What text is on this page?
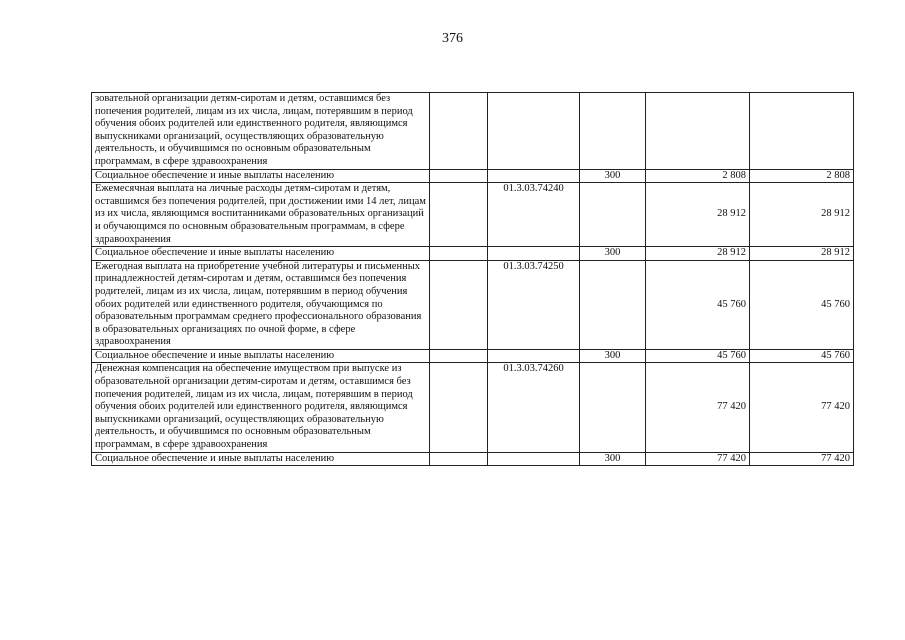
376
зовательной организации детям-сиротам и детям, оставшимся без попечения родителей, лицам из их числа, лицам, потерявшим в период обучения обоих родителей или единственного родителя, являющимся выпускниками организаций, осуществляющих образовательную деятельность, и обучившимся по основным образовательным программам, в сфере здравоохранения					
Социальное обеспечение и иные выплаты населению			300	2 808	2 808
Ежемесячная выплата на личные расходы детям-сиротам и детям, оставшимся без попечения родителей, при достижении ими 14 лет, лицам из их числа, являющимся воспитанниками образовательных организаций и обучающимся по основным образовательным программам, в сфере здравоохранения		01.3.03.74240		28 912	28 912
Социальное обеспечение и иные выплаты населению			300	28 912	28 912
Ежегодная выплата на приобретение учебной литературы и письменных принадлежностей детям-сиротам и детям, оставшимся без попечения родителей, лицам из их числа, лицам, потерявшим в период обучения обоих родителей или единственного родителя, обучающимся по образовательным программам среднего профессионального образования в образовательных организациях по очной форме, в сфере здравоохранения		01.3.03.74250		45 760	45 760
Социальное обеспечение и иные выплаты населению			300	45 760	45 760
Денежная компенсация на обеспечение имуществом при выпуске из образовательной организации детям-сиротам и детям, оставшимся без попечения родителей, лицам из их числа, лицам, потерявшим в период обучения обоих родителей или единственного родителя, являющимся выпускниками организаций, осуществляющих образовательную деятельность, и обучившимся по основным образовательным программам, в сфере здравоохранения		01.3.03.74260		77 420	77 420
Социальное обеспечение и иные выплаты населению			300	77 420	77 420
